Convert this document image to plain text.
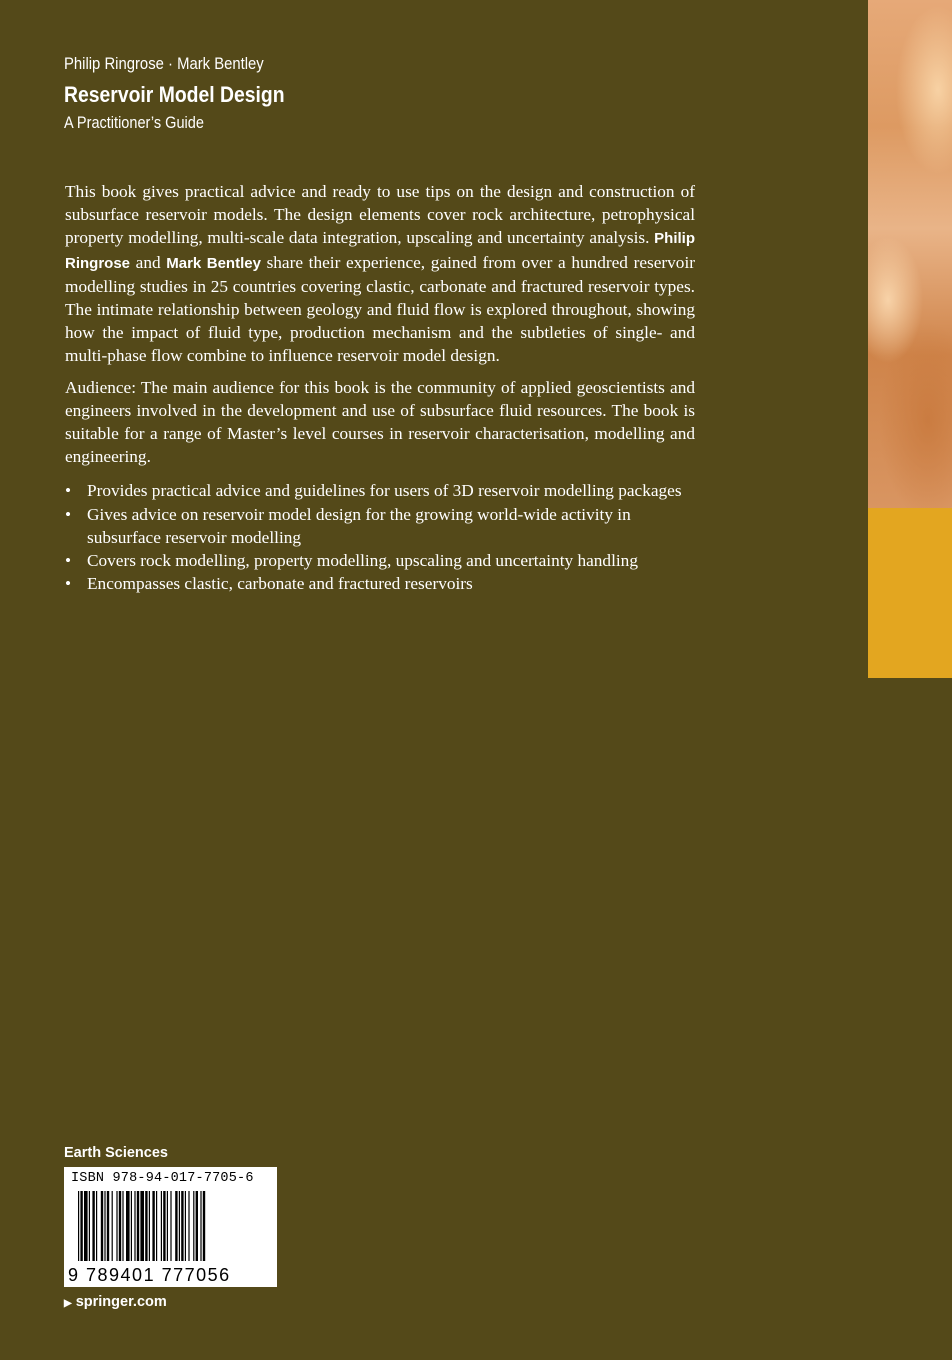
Philip Ringrose · Mark Bentley
Reservoir Model Design
A Practitioner’s Guide

This book gives practical advice and ready to use tips on the design and construction of subsurface reservoir models. The design elements cover rock architecture, petrophysical property modelling, multi-scale data integration, upscaling and uncertainty analysis. Philip Ringrose and Mark Bentley share their experience, gained from over a hundred reservoir modelling studies in 25 countries covering clastic, carbonate and fractured reservoir types. The intimate relationship between geology and fluid flow is explored throughout, showing how the impact of fluid type, production mechanism and the subtleties of single- and multi-phase flow combine to influence reservoir model design.

Audience: The main audience for this book is the community of applied geoscientists and engineers involved in the development and use of subsurface fluid resources. The book is suitable for a range of Master’s level courses in reservoir characterisation, modelling and engineering.

• Provides practical advice and guidelines for users of 3D reservoir modelling packages
• Gives advice on reservoir model design for the growing world-wide activity in subsurface reservoir modelling
• Covers rock modelling, property modelling, upscaling and uncertainty handling
• Encompasses clastic, carbonate and fractured reservoirs
Earth Sciences
ISBN 978-94-017-7705-6
9 789401 777056
▶ springer.com
